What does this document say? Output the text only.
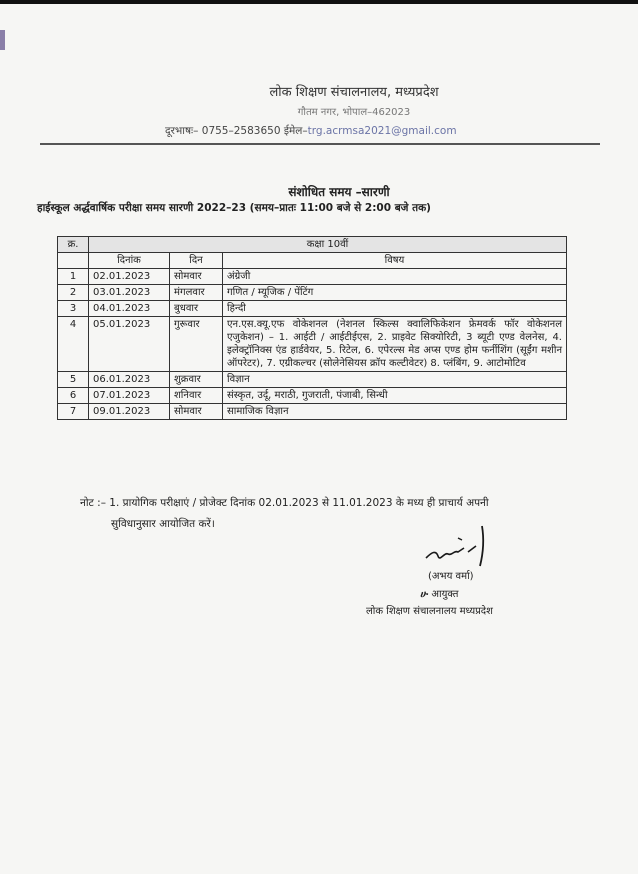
लोक शिक्षण संचालनालय, मध्यप्रदेश
गौतम नगर, भोपाल–462023
दूरभाषः– 0755–2583650 ईमेल–trg.acrmsa2021@gmail.com
संशोधित समय –सारणी
हाईस्कूल अर्द्धवार्षिक परीक्षा समय सारणी 2022–23 (समय–प्रातः 11:00 बजे से 2:00 बजे तक)
क्र.	कक्षा 10वीं		
	दिनांक	दिन	विषय
1	02.01.2023	सोमवार	अंग्रेजी
2	03.01.2023	मंगलवार	गणित / म्यूजिक / पेंटिंग
3	04.01.2023	बुधवार	हिन्दी
4	05.01.2023	गुरूवार	एन.एस.क्यू.एफ वोकेशनल (नेशनल स्किल्स क्वालिफिकेशन फ्रेमवर्क फॉर वोकेशनल एजुकेशन) – 1. आईटी / आईटीईएस, 2. प्राइवेट सिक्योरिटी, 3 ब्यूटी एण्ड वेलनेस, 4. इलेक्ट्रॉनिक्स एंड हार्डवेयर, 5. रिटेल, 6. एपेरल्स मेड अप्स एण्ड होम फर्नीशिंग (सूईंग मशीन ऑपरेटर), 7. एग्रीकल्चर (सोलेनेसियस क्रॉप कल्टीवेटर) 8. प्लंबिंग, 9. आटोमोटिव
5	06.01.2023	शुक्रवार	विज्ञान
6	07.01.2023	शनिवार	संस्कृत, उर्दू, मराठी, गुजराती, पंजाबी, सिन्धी
7	09.01.2023	सोमवार	सामाजिक विज्ञान
नोट :– 1. प्रायोगिक परीक्षाएं / प्रोजेक्ट दिनांक 02.01.2023 से 11.01.2023 के मध्य ही प्राचार्य अपनी
सुविधानुसार आयोजित करें।
(अभय वर्मा)
ሁ आयुक्त
लोक शिक्षण संचालनालय मध्यप्रदेश
